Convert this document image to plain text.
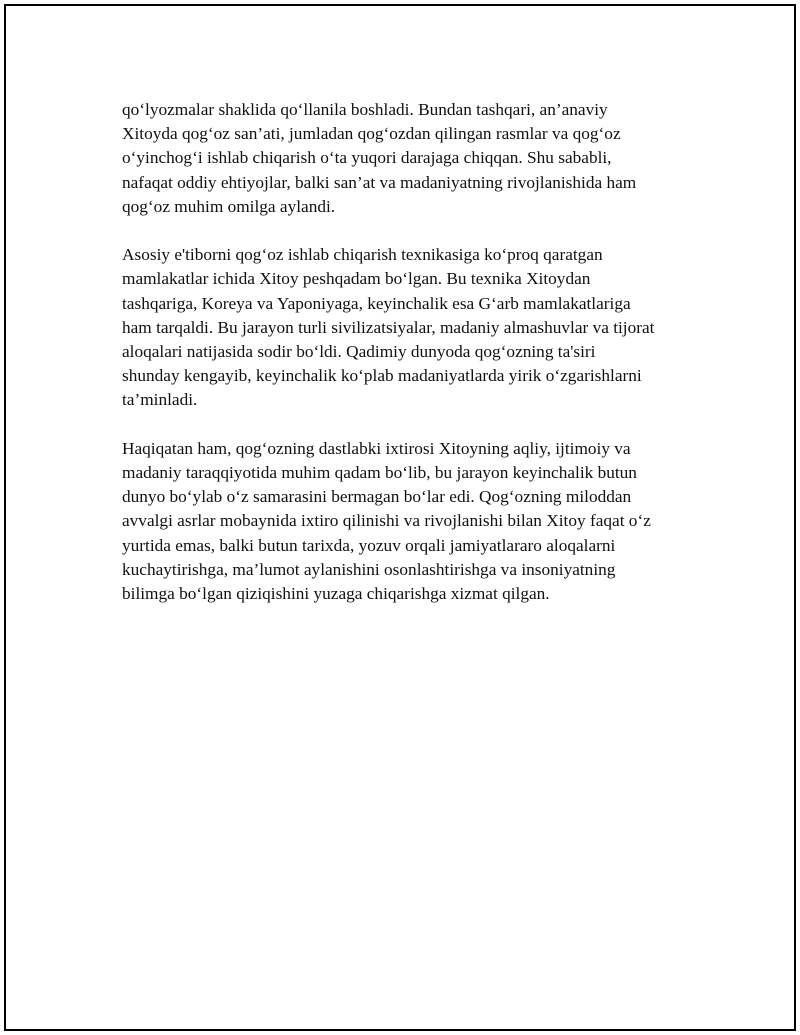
qo‘lyozmalar shaklida qo‘llanila boshladi. Bundan tashqari, an’anaviy
Xitoyda qog‘oz san’ati, jumladan qog‘ozdan qilingan rasmlar va qog‘oz
o‘yinchog‘i ishlab chiqarish o‘ta yuqori darajaga chiqqan. Shu sababli,
nafaqat oddiy ehtiyojlar, balki san’at va madaniyatning rivojlanishida ham
qog‘oz muhim omilga aylandi.

Asosiy e'tiborni qog‘oz ishlab chiqarish texnikasiga ko‘proq qaratgan
mamlakatlar ichida Xitoy peshqadam bo‘lgan. Bu texnika Xitoydan
tashqariga, Koreya va Yaponiyaga, keyinchalik esa G‘arb mamlakatlariga
ham tarqaldi. Bu jarayon turli sivilizatsiyalar, madaniy almashuvlar va tijorat
aloqalari natijasida sodir bo‘ldi. Qadimiy dunyoda qog‘ozning ta'siri
shunday kengayib, keyinchalik ko‘plab madaniyatlarda yirik o‘zgarishlarni
ta’minladi.

Haqiqatan ham, qog‘ozning dastlabki ixtirosi Xitoyning aqliy, ijtimoiy va
madaniy taraqqiyotida muhim qadam bo‘lib, bu jarayon keyinchalik butun
dunyo bo‘ylab o‘z samarasini bermagan bo‘lar edi. Qog‘ozning miloddan
avvalgi asrlar mobaynida ixtiro qilinishi va rivojlanishi bilan Xitoy faqat o‘z
yurtida emas, balki butun tarixda, yozuv orqali jamiyatlararo aloqalarni
kuchaytirishga, ma’lumot aylanishini osonlashtirishga va insoniyatning
bilimga bo‘lgan qiziqishini yuzaga chiqarishga xizmat qilgan.
